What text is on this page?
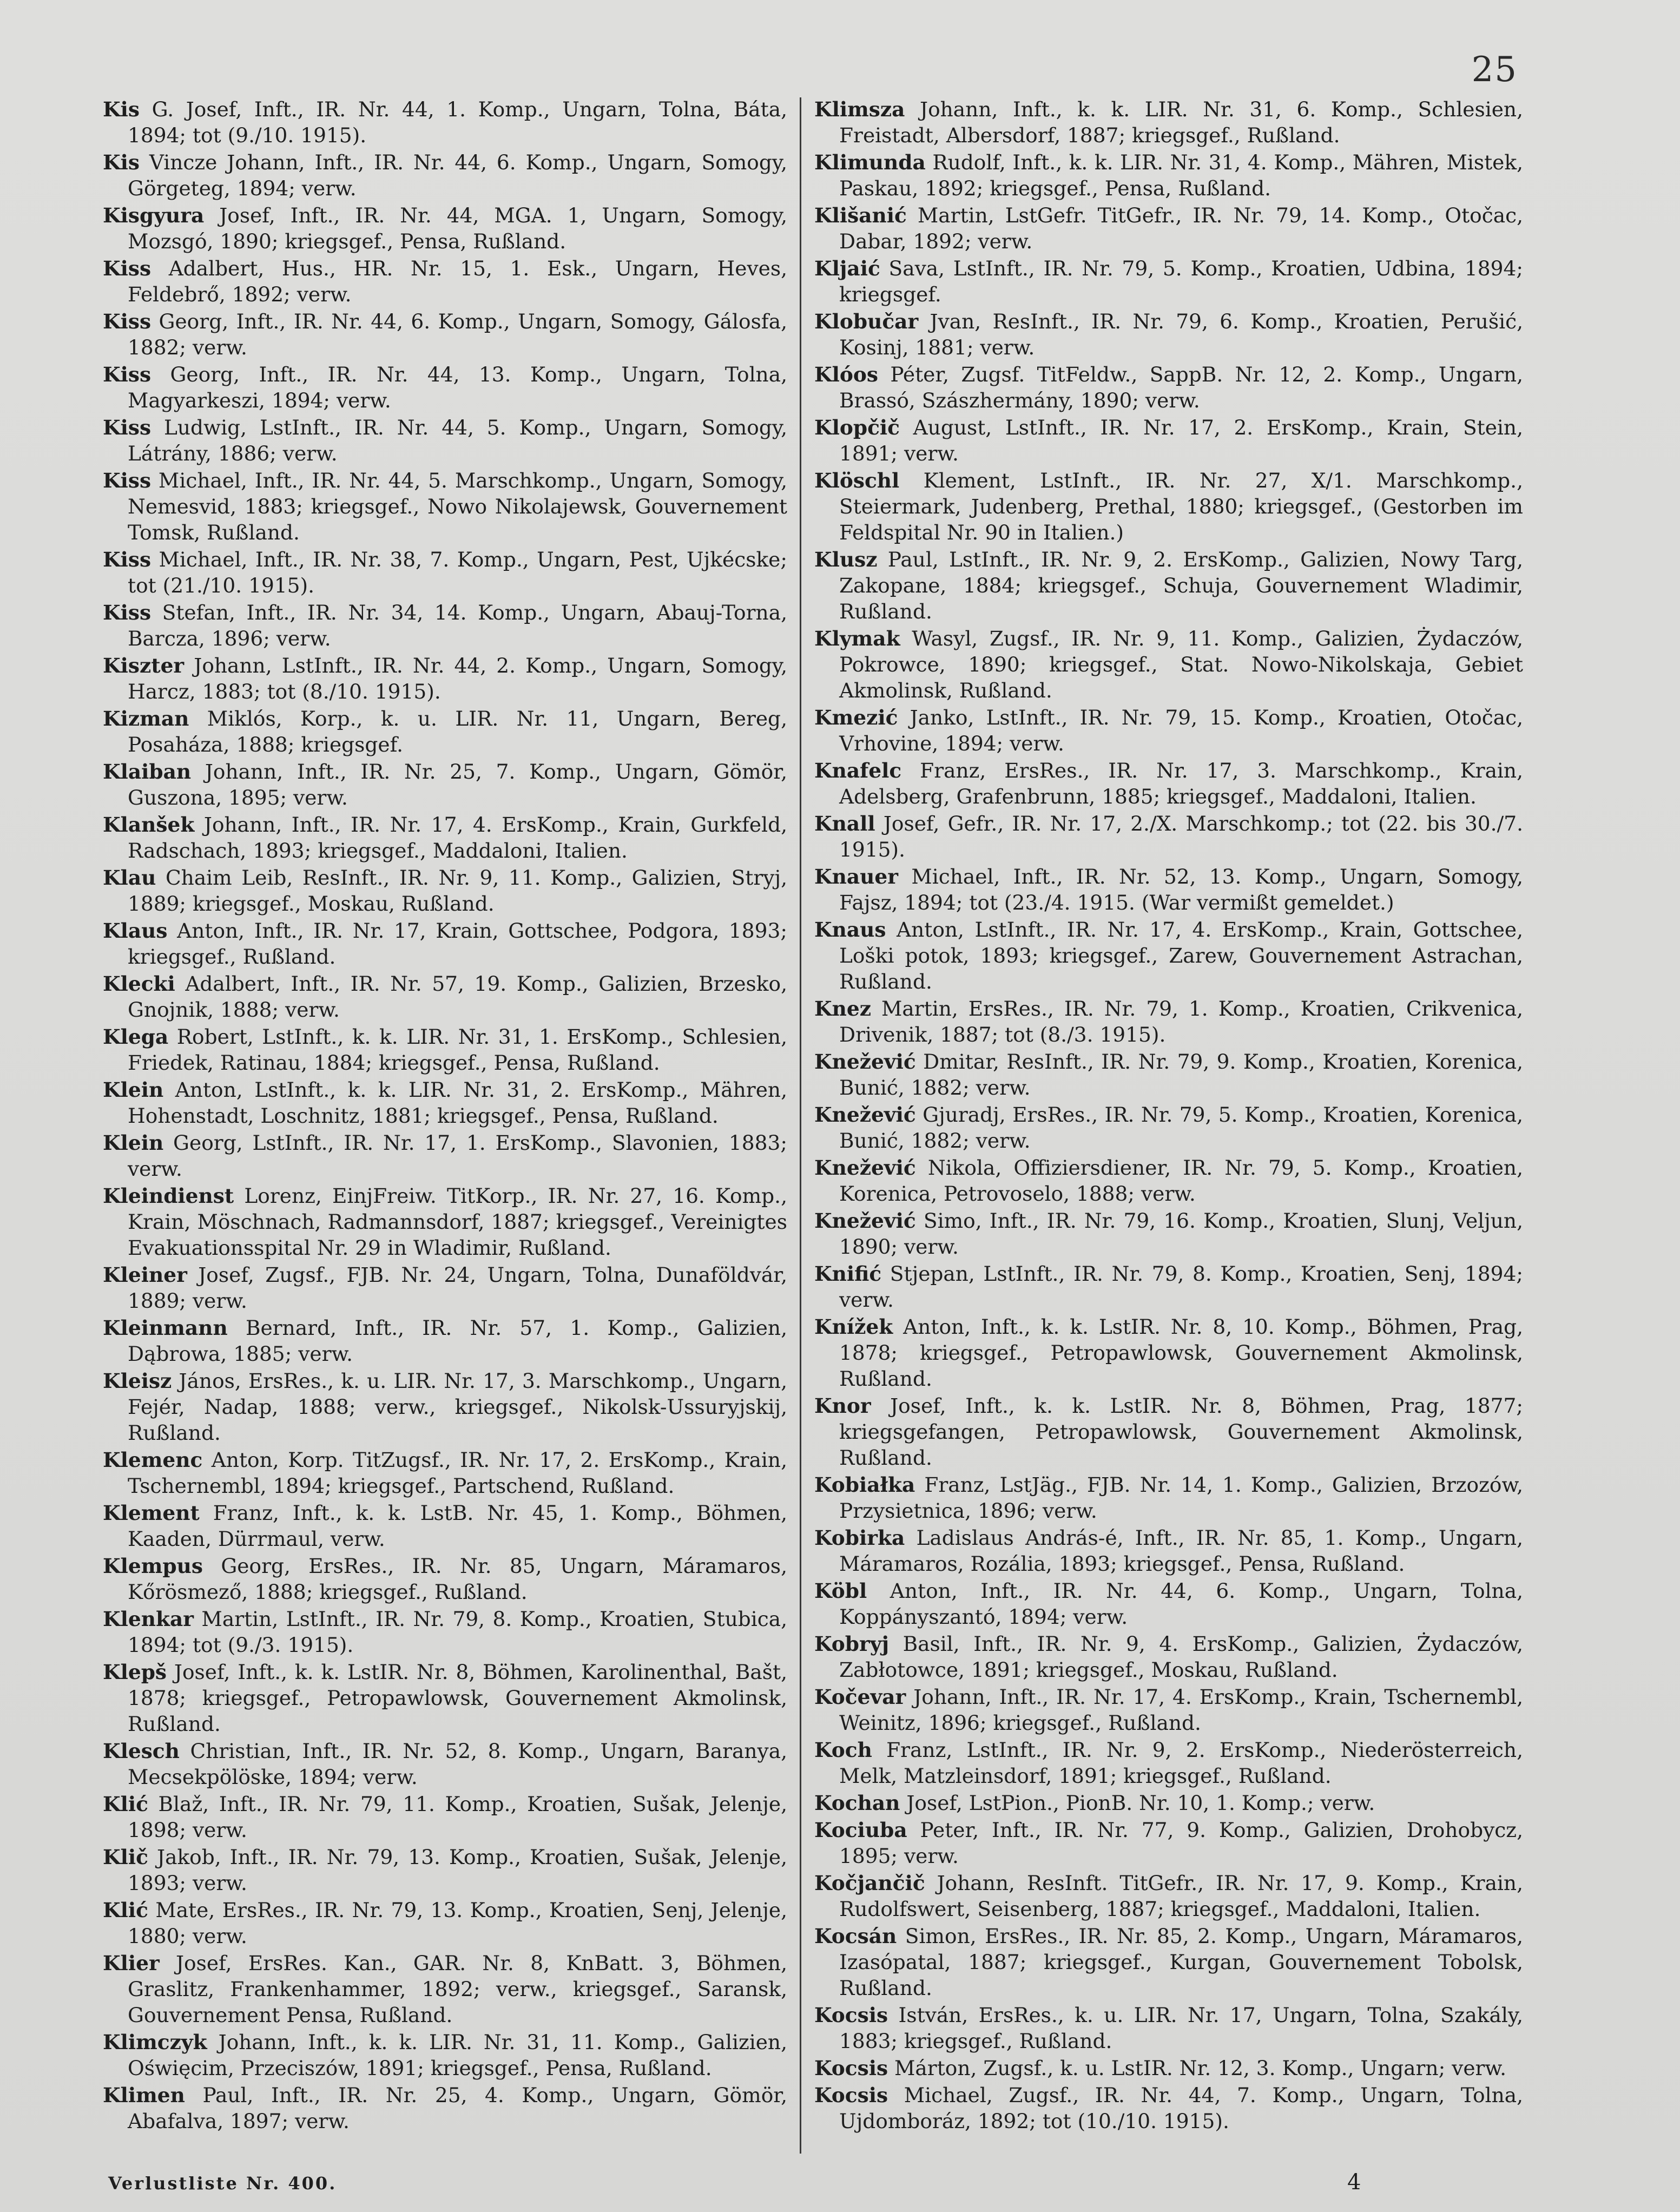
25

Kis G. Josef, Inft., IR. Nr. 44, 1. Komp., Ungarn, Tolna, Báta, 1894; tot (9./10. 1915).

Kis Vincze Johann, Inft., IR. Nr. 44, 6. Komp., Ungarn, Somogy, Görgeteg, 1894; verw.

Kisgyura Josef, Inft., IR. Nr. 44, MGA. 1, Ungarn, Somogy, Mozsgó, 1890; kriegsgef., Pensa, Rußland.

Kiss Adalbert, Hus., HR. Nr. 15, 1. Esk., Ungarn, Heves, Feldebrő, 1892; verw.

Kiss Georg, Inft., IR. Nr. 44, 6. Komp., Ungarn, Somogy, Gálosfa, 1882; verw.

Kiss Georg, Inft., IR. Nr. 44, 13. Komp., Ungarn, Tolna, Magyarkeszi, 1894; verw.

Kiss Ludwig, LstInft., IR. Nr. 44, 5. Komp., Ungarn, Somogy, Látrány, 1886; verw.

Kiss Michael, Inft., IR. Nr. 44, 5. Marschkomp., Ungarn, Somogy, Nemesvid, 1883; kriegsgef., Nowo Nikolajewsk, Gouvernement Tomsk, Rußland.

Kiss Michael, Inft., IR. Nr. 38, 7. Komp., Ungarn, Pest, Ujkécske; tot (21./10. 1915).

Kiss Stefan, Inft., IR. Nr. 34, 14. Komp., Ungarn, Abauj-Torna, Barcza, 1896; verw.

Kiszter Johann, LstInft., IR. Nr. 44, 2. Komp., Ungarn, Somogy, Harcz, 1883; tot (8./10. 1915).

Kizman Miklós, Korp., k. u. LIR. Nr. 11, Ungarn, Bereg, Posaháza, 1888; kriegsgef.

Klaiban Johann, Inft., IR. Nr. 25, 7. Komp., Ungarn, Gömör, Guszona, 1895; verw.

Klanšek Johann, Inft., IR. Nr. 17, 4. ErsKomp., Krain, Gurkfeld, Radschach, 1893; kriegsgef., Maddaloni, Italien.

Klau Chaim Leib, ResInft., IR. Nr. 9, 11. Komp., Galizien, Stryj, 1889; kriegsgef., Moskau, Rußland.

Klaus Anton, Inft., IR. Nr. 17, Krain, Gottschee, Podgora, 1893; kriegsgef., Rußland.

Klecki Adalbert, Inft., IR. Nr. 57, 19. Komp., Galizien, Brzesko, Gnojnik, 1888; verw.

Klega Robert, LstInft., k. k. LIR. Nr. 31, 1. ErsKomp., Schlesien, Friedek, Ratinau, 1884; kriegsgef., Pensa, Rußland.

Klein Anton, LstInft., k. k. LIR. Nr. 31, 2. ErsKomp., Mähren, Hohenstadt, Loschnitz, 1881; kriegsgef., Pensa, Rußland.

Klein Georg, LstInft., IR. Nr. 17, 1. ErsKomp., Slavonien, 1883; verw.

Kleindienst Lorenz, EinjFreiw. TitKorp., IR. Nr. 27, 16. Komp., Krain, Möschnach, Radmannsdorf, 1887; kriegsgef., Vereinigtes Evakuationsspital Nr. 29 in Wladimir, Rußland.

Kleiner Josef, Zugsf., FJB. Nr. 24, Ungarn, Tolna, Dunaföldvár, 1889; verw.

Kleinmann Bernard, Inft., IR. Nr. 57, 1. Komp., Galizien, Dąbrowa, 1885; verw.

Kleisz János, ErsRes., k. u. LIR. Nr. 17, 3. Marschkomp., Ungarn, Fejér, Nadap, 1888; verw., kriegsgef., Nikolsk-Ussuryjskij, Rußland.

Klemenc Anton, Korp. TitZugsf., IR. Nr. 17, 2. ErsKomp., Krain, Tschernembl, 1894; kriegsgef., Partschend, Rußland.

Klement Franz, Inft., k. k. LstB. Nr. 45, 1. Komp., Böhmen, Kaaden, Dürrmaul, verw.

Klempus Georg, ErsRes., IR. Nr. 85, Ungarn, Máramaros, Kőrösmező, 1888; kriegsgef., Rußland.

Klenkar Martin, LstInft., IR. Nr. 79, 8. Komp., Kroatien, Stubica, 1894; tot (9./3. 1915).

Klepš Josef, Inft., k. k. LstIR. Nr. 8, Böhmen, Karolinenthal, Bašt, 1878; kriegsgef., Petropawlowsk, Gouvernement Akmolinsk, Rußland.

Klesch Christian, Inft., IR. Nr. 52, 8. Komp., Ungarn, Baranya, Mecsekpölöske, 1894; verw.

Klić Blaž, Inft., IR. Nr. 79, 11. Komp., Kroatien, Sušak, Jelenje, 1898; verw.

Klič Jakob, Inft., IR. Nr. 79, 13. Komp., Kroatien, Sušak, Jelenje, 1893; verw.

Klić Mate, ErsRes., IR. Nr. 79, 13. Komp., Kroatien, Senj, Jelenje, 1880; verw.

Klier Josef, ErsRes. Kan., GAR. Nr. 8, KnBatt. 3, Böhmen, Graslitz, Frankenhammer, 1892; verw., kriegsgef., Saransk, Gouvernement Pensa, Rußland.

Klimczyk Johann, Inft., k. k. LIR. Nr. 31, 11. Komp., Galizien, Oświęcim, Przeciszów, 1891; kriegsgef., Pensa, Rußland.

Klimen Paul, Inft., IR. Nr. 25, 4. Komp., Ungarn, Gömör, Abafalva, 1897; verw.

Klimsza Johann, Inft., k. k. LIR. Nr. 31, 6. Komp., Schlesien, Freistadt, Albersdorf, 1887; kriegsgef., Rußland.

Klimunda Rudolf, Inft., k. k. LIR. Nr. 31, 4. Komp., Mähren, Mistek, Paskau, 1892; kriegsgef., Pensa, Rußland.

Klišanić Martin, LstGefr. TitGefr., IR. Nr. 79, 14. Komp., Otočac, Dabar, 1892; verw.

Kljaić Sava, LstInft., IR. Nr. 79, 5. Komp., Kroatien, Udbina, 1894; kriegsgef.

Klobučar Jvan, ResInft., IR. Nr. 79, 6. Komp., Kroatien, Perušić, Kosinj, 1881; verw.

Klóos Péter, Zugsf. TitFeldw., SappB. Nr. 12, 2. Komp., Ungarn, Brassó, Szászhermány, 1890; verw.

Klopčič August, LstInft., IR. Nr. 17, 2. ErsKomp., Krain, Stein, 1891; verw.

Klöschl Klement, LstInft., IR. Nr. 27, X/1. Marschkomp., Steiermark, Judenberg, Prethal, 1880; kriegsgef., (Gestorben im Feldspital Nr. 90 in Italien.)

Klusz Paul, LstInft., IR. Nr. 9, 2. ErsKomp., Galizien, Nowy Targ, Zakopane, 1884; kriegsgef., Schuja, Gouvernement Wladimir, Rußland.

Klymak Wasyl, Zugsf., IR. Nr. 9, 11. Komp., Galizien, Żydaczów, Pokrowce, 1890; kriegsgef., Stat. Nowo-Nikolskaja, Gebiet Akmolinsk, Rußland.

Kmezić Janko, LstInft., IR. Nr. 79, 15. Komp., Kroatien, Otočac, Vrhovine, 1894; verw.

Knafelc Franz, ErsRes., IR. Nr. 17, 3. Marschkomp., Krain, Adelsberg, Grafenbrunn, 1885; kriegsgef., Maddaloni, Italien.

Knall Josef, Gefr., IR. Nr. 17, 2./X. Marschkomp.; tot (22. bis 30./7. 1915).

Knauer Michael, Inft., IR. Nr. 52, 13. Komp., Ungarn, Somogy, Fajsz, 1894; tot (23./4. 1915. (War vermißt gemeldet.)

Knaus Anton, LstInft., IR. Nr. 17, 4. ErsKomp., Krain, Gottschee, Loški potok, 1893; kriegsgef., Zarew, Gouvernement Astrachan, Rußland.

Knez Martin, ErsRes., IR. Nr. 79, 1. Komp., Kroatien, Crikvenica, Drivenik, 1887; tot (8./3. 1915).

Knežević Dmitar, ResInft., IR. Nr. 79, 9. Komp., Kroatien, Korenica, Bunić, 1882; verw.

Knežević Gjuradj, ErsRes., IR. Nr. 79, 5. Komp., Kroatien, Korenica, Bunić, 1882; verw.

Knežević Nikola, Offiziersdiener, IR. Nr. 79, 5. Komp., Kroatien, Korenica, Petrovoselo, 1888; verw.

Knežević Simo, Inft., IR. Nr. 79, 16. Komp., Kroatien, Slunj, Veljun, 1890; verw.

Knifić Stjepan, LstInft., IR. Nr. 79, 8. Komp., Kroatien, Senj, 1894; verw.

Knížek Anton, Inft., k. k. LstIR. Nr. 8, 10. Komp., Böhmen, Prag, 1878; kriegsgef., Petropawlowsk, Gouvernement Akmolinsk, Rußland.

Knor Josef, Inft., k. k. LstIR. Nr. 8, Böhmen, Prag, 1877; kriegsgefangen, Petropawlowsk, Gouvernement Akmolinsk, Rußland.

Kobiałka Franz, LstJäg., FJB. Nr. 14, 1. Komp., Galizien, Brzozów, Przysietnica, 1896; verw.

Kobirka Ladislaus András-é, Inft., IR. Nr. 85, 1. Komp., Ungarn, Máramaros, Rozália, 1893; kriegsgef., Pensa, Rußland.

Köbl Anton, Inft., IR. Nr. 44, 6. Komp., Ungarn, Tolna, Koppányszantó, 1894; verw.

Kobryj Basil, Inft., IR. Nr. 9, 4. ErsKomp., Galizien, Żydaczów, Zabłotowce, 1891; kriegsgef., Moskau, Rußland.

Kočevar Johann, Inft., IR. Nr. 17, 4. ErsKomp., Krain, Tschernembl, Weinitz, 1896; kriegsgef., Rußland.

Koch Franz, LstInft., IR. Nr. 9, 2. ErsKomp., Niederösterreich, Melk, Matzleinsdorf, 1891; kriegsgef., Rußland.

Kochan Josef, LstPion., PionB. Nr. 10, 1. Komp.; verw.

Kociuba Peter, Inft., IR. Nr. 77, 9. Komp., Galizien, Drohobycz, 1895; verw.

Kočjančič Johann, ResInft. TitGefr., IR. Nr. 17, 9. Komp., Krain, Rudolfswert, Seisenberg, 1887; kriegsgef., Maddaloni, Italien.

Kocsán Simon, ErsRes., IR. Nr. 85, 2. Komp., Ungarn, Máramaros, Izasópatal, 1887; kriegsgef., Kurgan, Gouvernement Tobolsk, Rußland.

Kocsis István, ErsRes., k. u. LIR. Nr. 17, Ungarn, Tolna, Szakály, 1883; kriegsgef., Rußland.

Kocsis Márton, Zugsf., k. u. LstIR. Nr. 12, 3. Komp., Ungarn; verw.

Kocsis Michael, Zugsf., IR. Nr. 44, 7. Komp., Ungarn, Tolna, Ujdomboráz, 1892; tot (10./10. 1915).

Verlustliste Nr. 400.	4
